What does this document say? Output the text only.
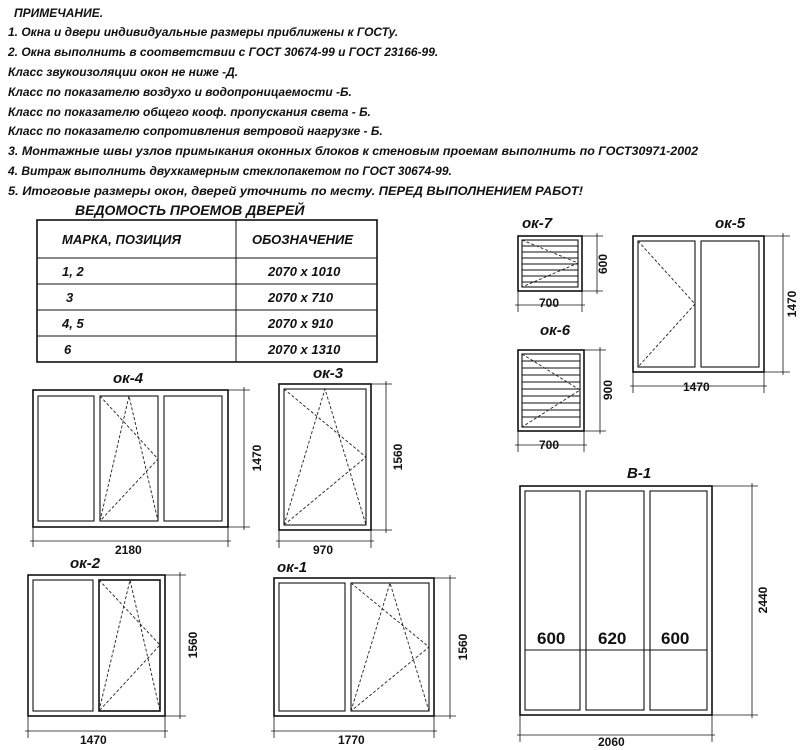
ПРИМЕЧАНИЕ.
1. Окна и двери индивидуальные размеры приближены к ГОСТу.
2. Окна выполнить в соответствии с ГОСТ 30674-99 и ГОСТ 23166-99.
Класс звукоизоляции окон не ниже -Д.
Класс по показателю воздухо и водопроницаемости -Б.
Класс по показателю общего кооф. пропускания света - Б.
Класс по показателю сопротивления ветровой нагрузке - Б.
3. Монтажные швы узлов примыкания оконных блоков к стеновым проемам выполнить по ГОСТ30971-2002
4. Витраж выполнить двухкамерным стеклопакетом по ГОСТ 30674-99.
5. Итоговые размеры окон, дверей уточнить по месту. ПЕРЕД ВЫПОЛНЕНИЕМ РАБОТ!
ВЕДОМОСТЬ ПРОЕМОВ ДВЕРЕЙ
МАРКА, ПОЗИЦИЯ	ОБОЗНАЧЕНИЕ
1, 2	2070 x 1010
3	2070 x 710
4, 5	2070 x 910
6	2070 x 1310
ок-4
2180
1470
ок-3
970
1560
ок-2
1470
1560
ок-1
1770
1560
ок-7
700
600
ок-6
700
900
ок-5
1470
1470
В-1
600 620 600
2060
2440
